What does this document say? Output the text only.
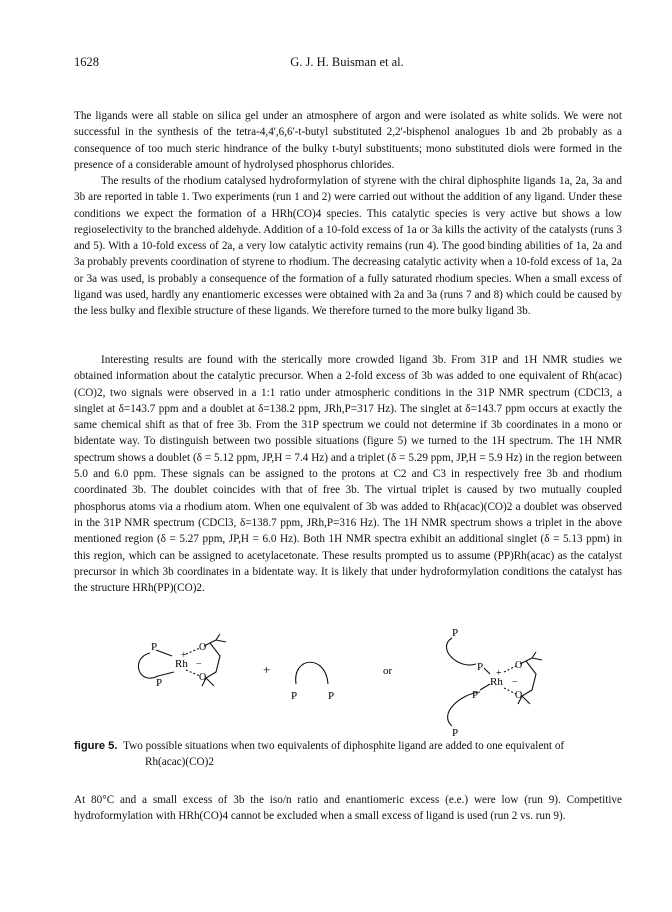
1628	G. J. H. Buisman et al.

The ligands were all stable on silica gel under an atmosphere of argon and were isolated as white solids. We were not successful in the synthesis of the tetra-4,4',6,6'-t-butyl substituted 2,2'-bisphenol analogues 1b and 2b probably as a consequence of too much steric hindrance of the bulky t-butyl substituents; mono substituted diols were formed in the presence of a considerable amount of hydrolysed phosphorus chlorides.

The results of the rhodium catalysed hydroformylation of styrene with the chiral diphosphite ligands 1a, 2a, 3a and 3b are reported in table 1. Two experiments (run 1 and 2) were carried out without the addition of any ligand. Under these conditions we expect the formation of a HRh(CO)4 species. This catalytic species is very active but shows a low regioselectivity to the branched aldehyde. Addition of a 10-fold excess of 1a or 3a kills the activity of the catalysts (runs 3 and 5). With a 10-fold excess of 2a, a very low catalytic activity remains (run 4). The good binding abilities of 1a, 2a and 3a probably prevents coordination of styrene to rhodium. The decreasing catalytic activity when a 10-fold excess of 1a, 2a or 3a was used, is probably a consequence of the formation of a fully saturated rhodium species. When a small excess of ligand was used, hardly any enantiomeric excesses were obtained with 2a and 3a (runs 7 and 8) which could be caused by the less bulky and flexible structure of these ligands. We therefore turned to the more bulky ligand 3b.

Interesting results are found with the sterically more crowded ligand 3b. From 31P and 1H NMR studies we obtained information about the catalytic precursor. When a 2-fold excess of 3b was added to one equivalent of Rh(acac)(CO)2, two signals were observed in a 1:1 ratio under atmospheric conditions in the 31P NMR spectrum (CDCl3, a singlet at δ=143.7 ppm and a doublet at δ=138.2 ppm, JRh,P=317 Hz). The singlet at δ=143.7 ppm occurs at exactly the same chemical shift as that of free 3b. From the 31P spectrum we could not determine if 3b coordinates in a mono or bidentate way. To distinguish between two possible situations (figure 5) we turned to the 1H spectrum. The 1H NMR spectrum shows a doublet (δ = 5.12 ppm, JP,H = 7.4 Hz) and a triplet (δ = 5.29 ppm, JP,H = 5.9 Hz) in the region between 5.0 and 6.0 ppm. These signals can be assigned to the protons at C2 and C3 in respectively free 3b and rhodium coordinated 3b. The doublet coincides with that of free 3b. The virtual triplet is caused by two mutually coupled phosphorus atoms via a rhodium atom. When one equivalent of 3b was added to Rh(acac)(CO)2 a doublet was observed in the 31P NMR spectrum (CDCl3, δ=138.7 ppm, JRh,P=316 Hz). The 1H NMR spectrum shows a triplet in the above mentioned region (δ = 5.27 ppm, JP,H = 6.0 Hz). Both 1H NMR spectra exhibit an additional singlet (δ = 5.13 ppm) in this region, which can be assigned to acetylacetonate. These results prompted us to assume (PP)Rh(acac) as the catalyst precursor in which 3b coordinates in a bidentate way. It is likely that under hydroformylation conditions the catalyst has the structure HRh(PP)(CO)2.

P
P
Rh
+
−
O
O
+
P	P
or
P
P
P
P
Rh
+
−
O
O
figure 5. Two possible situations when two equivalents of diphosphite ligand are added to one equivalent of
Rh(acac)(CO)2

At 80°C and a small excess of 3b the iso/n ratio and enantiomeric excess (e.e.) were low (run 9). Competitive hydroformylation with HRh(CO)4 cannot be excluded when a small excess of ligand is used (run 2 vs. run 9).
